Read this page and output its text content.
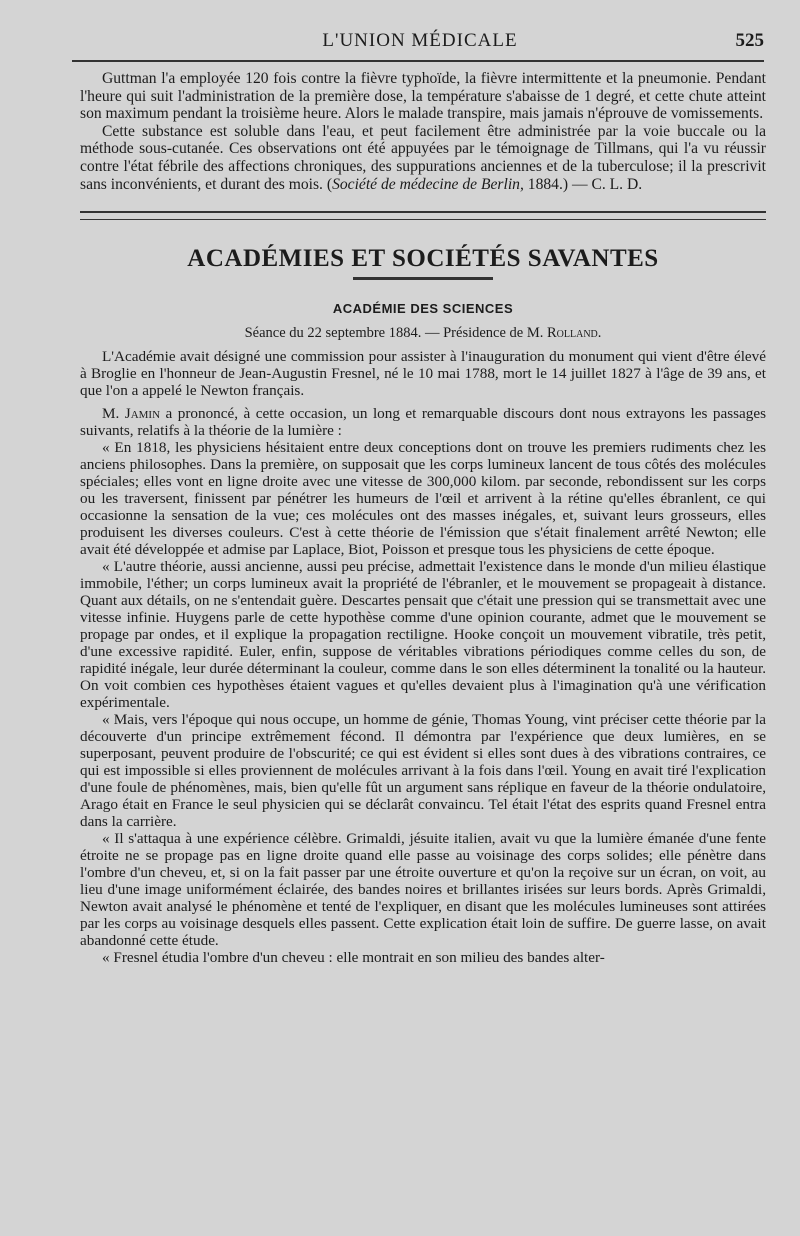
L'UNION MÉDICALE	525

Guttman l'a employée 120 fois contre la fièvre typhoïde, la fièvre intermittente et la pneumonie. Pendant l'heure qui suit l'administration de la première dose, la température s'abaisse de 1 degré, et cette chute atteint son maximum pendant la troisième heure. Alors le malade transpire, mais jamais n'éprouve de vomissements.

Cette substance est soluble dans l'eau, et peut facilement être administrée par la voie buccale ou la méthode sous-cutanée. Ces observations ont été appuyées par le témoignage de Tillmans, qui l'a vu réussir contre l'état fébrile des affections chroniques, des suppurations anciennes et de la tuberculose; il la prescrivit sans inconvénients, et durant des mois. (Société de médecine de Berlin, 1884.) — C. L. D.

ACADÉMIES ET SOCIÉTÉS SAVANTES
ACADÉMIE DES SCIENCES
Séance du 22 septembre 1884. — Présidence de M. Rolland.

L'Académie avait désigné une commission pour assister à l'inauguration du monument qui vient d'être élevé à Broglie en l'honneur de Jean-Augustin Fresnel, né le 10 mai 1788, mort le 14 juillet 1827 à l'âge de 39 ans, et que l'on a appelé le Newton français.

M. Jamin a prononcé, à cette occasion, un long et remarquable discours dont nous extrayons les passages suivants, relatifs à la théorie de la lumière :

« En 1818, les physiciens hésitaient entre deux conceptions dont on trouve les premiers rudiments chez les anciens philosophes. Dans la première, on supposait que les corps lumineux lancent de tous côtés des molécules spéciales; elles vont en ligne droite avec une vitesse de 300,000 kilom. par seconde, rebondissent sur les corps ou les traversent, finissent par pénétrer les humeurs de l'œil et arrivent à la rétine qu'elles ébranlent, ce qui occasionne la sensation de la vue; ces molécules ont des masses inégales, et, suivant leurs grosseurs, elles produisent les diverses couleurs. C'est à cette théorie de l'émission que s'était finalement arrêté Newton; elle avait été développée et admise par Laplace, Biot, Poisson et presque tous les physiciens de cette époque.

« L'autre théorie, aussi ancienne, aussi peu précise, admettait l'existence dans le monde d'un milieu élastique immobile, l'éther; un corps lumineux avait la propriété de l'ébranler, et le mouvement se propageait à distance. Quant aux détails, on ne s'entendait guère. Descartes pensait que c'était une pression qui se transmettait avec une vitesse infinie. Huygens parle de cette hypothèse comme d'une opinion courante, admet que le mouvement se propage par ondes, et il explique la propagation rectiligne. Hooke conçoit un mouvement vibratile, très petit, d'une excessive rapidité. Euler, enfin, suppose de véritables vibrations périodiques comme celles du son, de rapidité inégale, leur durée déterminant la couleur, comme dans le son elles déterminent la tonalité ou la hauteur. On voit combien ces hypothèses étaient vagues et qu'elles devaient plus à l'imagination qu'à une vérification expérimentale.

« Mais, vers l'époque qui nous occupe, un homme de génie, Thomas Young, vint préciser cette théorie par la découverte d'un principe extrêmement fécond. Il démontra par l'expérience que deux lumières, en se superposant, peuvent produire de l'obscurité; ce qui est évident si elles sont dues à des vibrations contraires, ce qui est impossible si elles proviennent de molécules arrivant à la fois dans l'œil. Young en avait tiré l'explication d'une foule de phénomènes, mais, bien qu'elle fût un argument sans réplique en faveur de la théorie ondulatoire, Arago était en France le seul physicien qui se déclarât convaincu. Tel était l'état des esprits quand Fresnel entra dans la carrière.

« Il s'attaqua à une expérience célèbre. Grimaldi, jésuite italien, avait vu que la lumière émanée d'une fente étroite ne se propage pas en ligne droite quand elle passe au voisinage des corps solides; elle pénètre dans l'ombre d'un cheveu, et, si on la fait passer par une étroite ouverture et qu'on la reçoive sur un écran, on voit, au lieu d'une image uniformément éclairée, des bandes noires et brillantes irisées sur leurs bords. Après Grimaldi, Newton avait analysé le phénomène et tenté de l'expliquer, en disant que les molécules lumineuses sont attirées par les corps au voisinage desquels elles passent. Cette explication était loin de suffire. De guerre lasse, on avait abandonné cette étude.

« Fresnel étudia l'ombre d'un cheveu : elle montrait en son milieu des bandes alter-
